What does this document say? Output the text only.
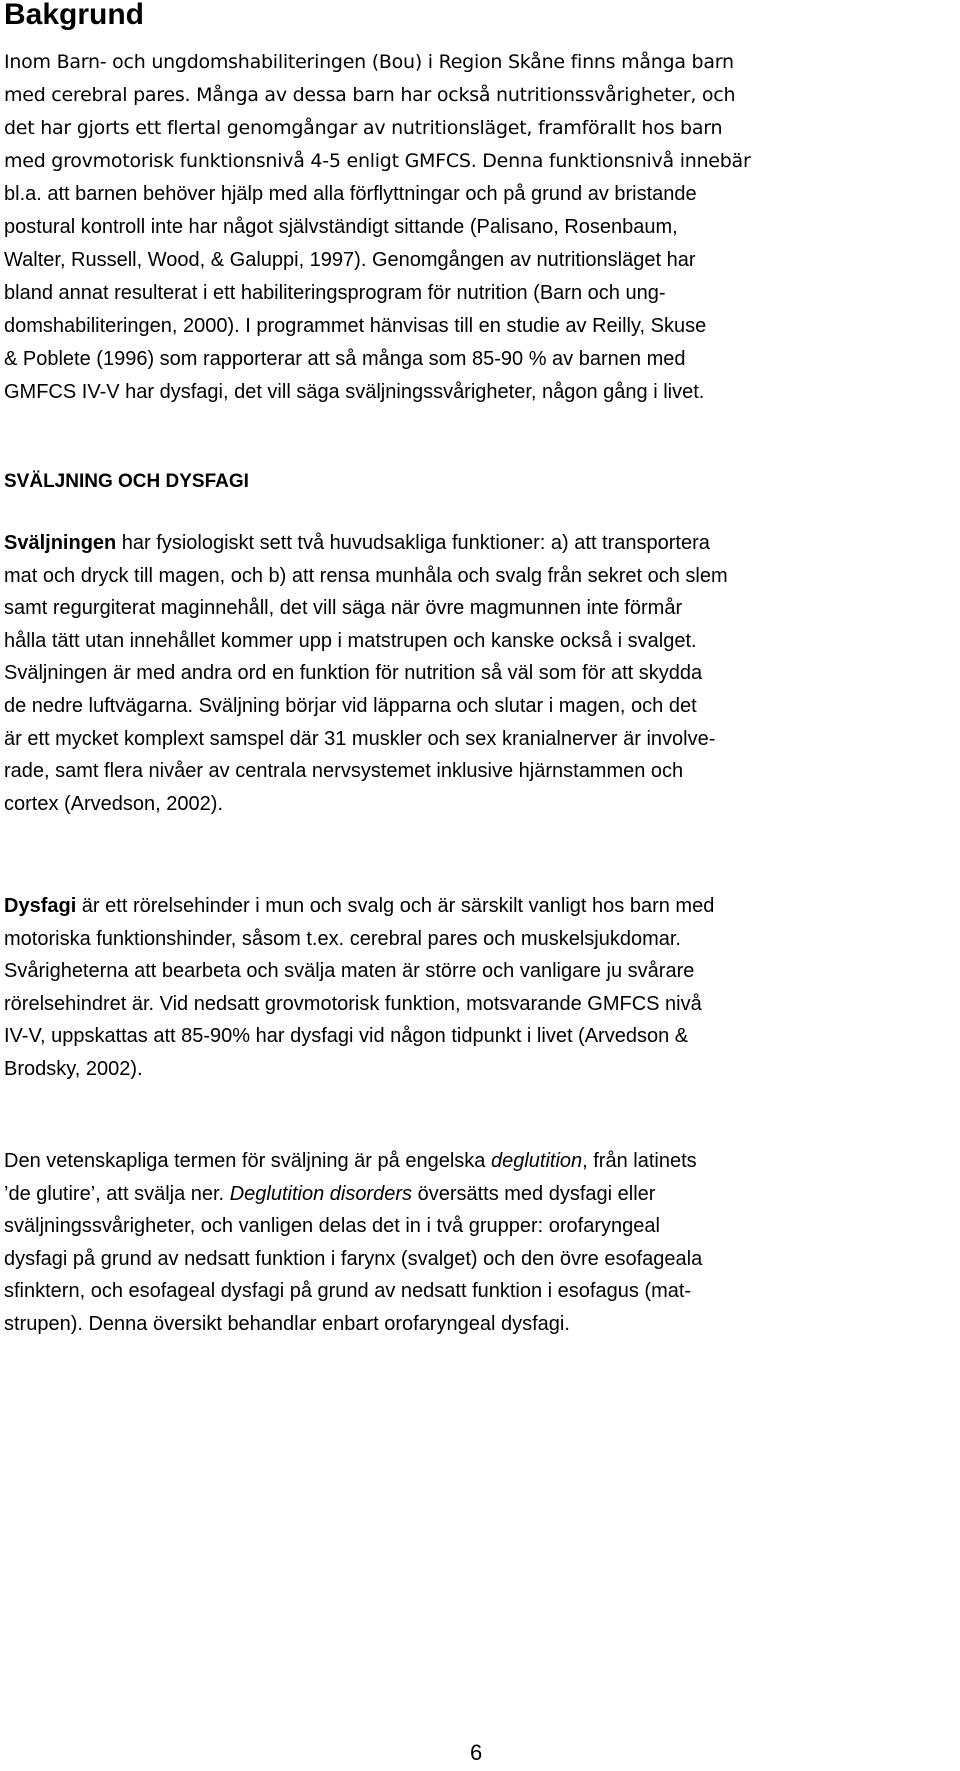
Bakgrund
Inom Barn- och ungdomshabiliteringen (Bou) i Region Skåne finns många barn
med cerebral pares. Många av dessa barn har också nutritionssvårigheter, och
det har gjorts ett flertal genomgångar av nutritionsläget, framförallt hos barn
med grovmotorisk funktionsnivå 4-5 enligt GMFCS. Denna funktionsnivå innebär
bl.a. att barnen behöver hjälp med alla förflyttningar och på grund av bristande
postural kontroll inte har något självständigt sittande (Palisano, Rosenbaum,
Walter, Russell, Wood, & Galuppi, 1997). Genomgången av nutritionsläget har
bland annat resulterat i ett habiliteringsprogram för nutrition (Barn och ung-
domshabiliteringen, 2000). I programmet hänvisas till en studie av Reilly, Skuse
& Poblete (1996) som rapporterar att så många som 85-90 % av barnen med
GMFCS IV-V har dysfagi, det vill säga sväljningssvårigheter, någon gång i livet.
SVÄLJNING OCH DYSFAGI
Sväljningen har fysiologiskt sett två huvudsakliga funktioner: a) att transportera
mat och dryck till magen, och b) att rensa munhåla och svalg från sekret och slem
samt regurgiterat maginnehåll, det vill säga när övre magmunnen inte förmår
hålla tätt utan innehållet kommer upp i matstrupen och kanske också i svalget.
Sväljningen är med andra ord en funktion för nutrition så väl som för att skydda
de nedre luftvägarna. Sväljning börjar vid läpparna och slutar i magen, och det
är ett mycket komplext samspel där 31 muskler och sex kranialnerver är involve-
rade, samt flera nivåer av centrala nervsystemet inklusive hjärnstammen och
cortex (Arvedson, 2002).
Dysfagi är ett rörelsehinder i mun och svalg och är särskilt vanligt hos barn med
motoriska funktionshinder, såsom t.ex. cerebral pares och muskelsjukdomar.
Svårigheterna att bearbeta och svälja maten är större och vanligare ju svårare
rörelsehindret är. Vid nedsatt grovmotorisk funktion, motsvarande GMFCS nivå
IV-V, uppskattas att 85-90% har dysfagi vid någon tidpunkt i livet (Arvedson &
Brodsky, 2002).
Den vetenskapliga termen för sväljning är på engelska deglutition, från latinets
’de glutire’, att svälja ner. Deglutition disorders översätts med dysfagi eller
sväljningssvårigheter, och vanligen delas det in i två grupper: orofaryngeal
dysfagi på grund av nedsatt funktion i farynx (svalget) och den övre esofageala
sfinktern, och esofageal dysfagi på grund av nedsatt funktion i esofagus (mat-
strupen). Denna översikt behandlar enbart orofaryngeal dysfagi.
6
